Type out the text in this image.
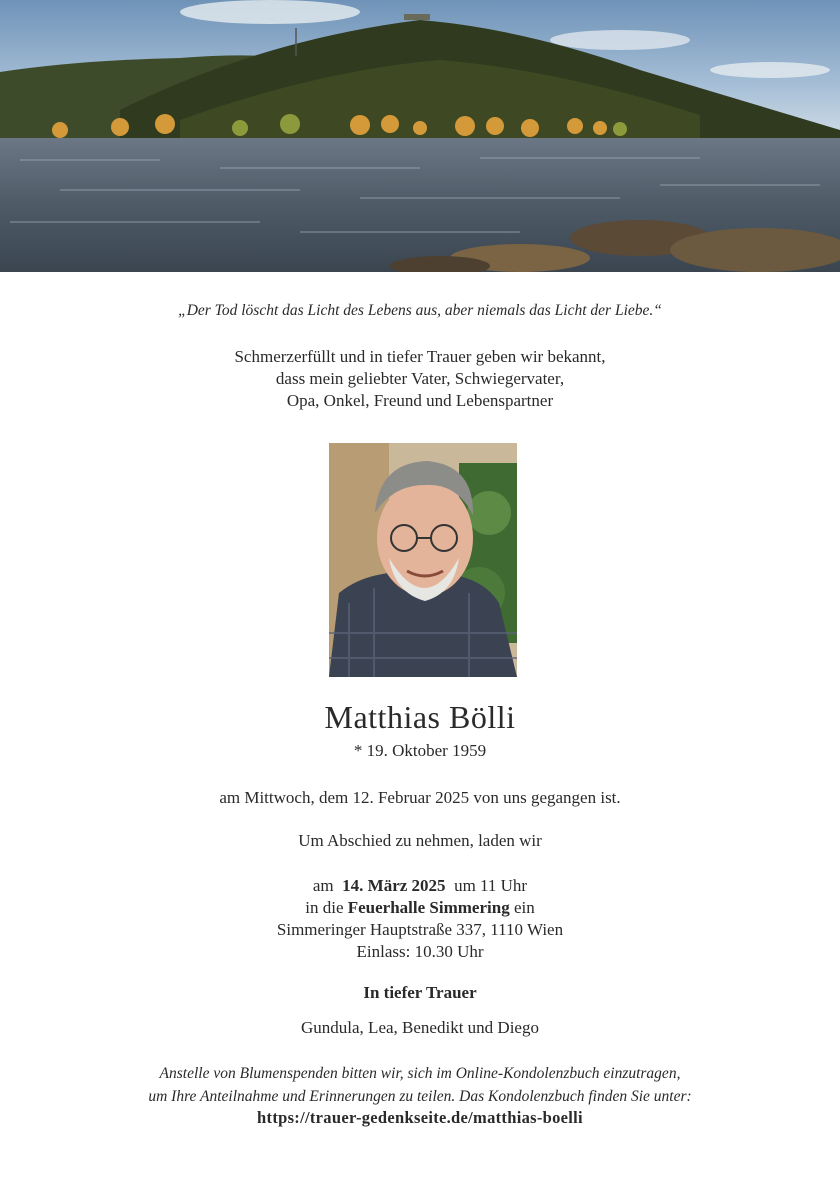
„Der Tod löscht das Licht des Lebens aus, aber niemals das Licht der Liebe.“
Schmerzerfüllt und in tiefer Trauer geben wir bekannt,
dass mein geliebter Vater, Schwiegervater,
Opa, Onkel, Freund und Lebenspartner
Matthias Bölli
* 19. Oktober 1959
am Mittwoch, dem 12. Februar 2025 von uns gegangen ist.
Um Abschied zu nehmen, laden wir
am 14. März 2025 um 11 Uhr
in die Feuerhalle Simmering ein
Simmeringer Hauptstraße 337, 1110 Wien
Einlass: 10.30 Uhr
In tiefer Trauer
Gundula, Lea, Benedikt und Diego
Anstelle von Blumenspenden bitten wir, sich im Online-Kondolenzbuch einzutragen,
um Ihre Anteilnahme und Erinnerungen zu teilen. Das Kondolenzbuch finden Sie unter:
https://trauer-gedenkseite.de/matthias-boelli
